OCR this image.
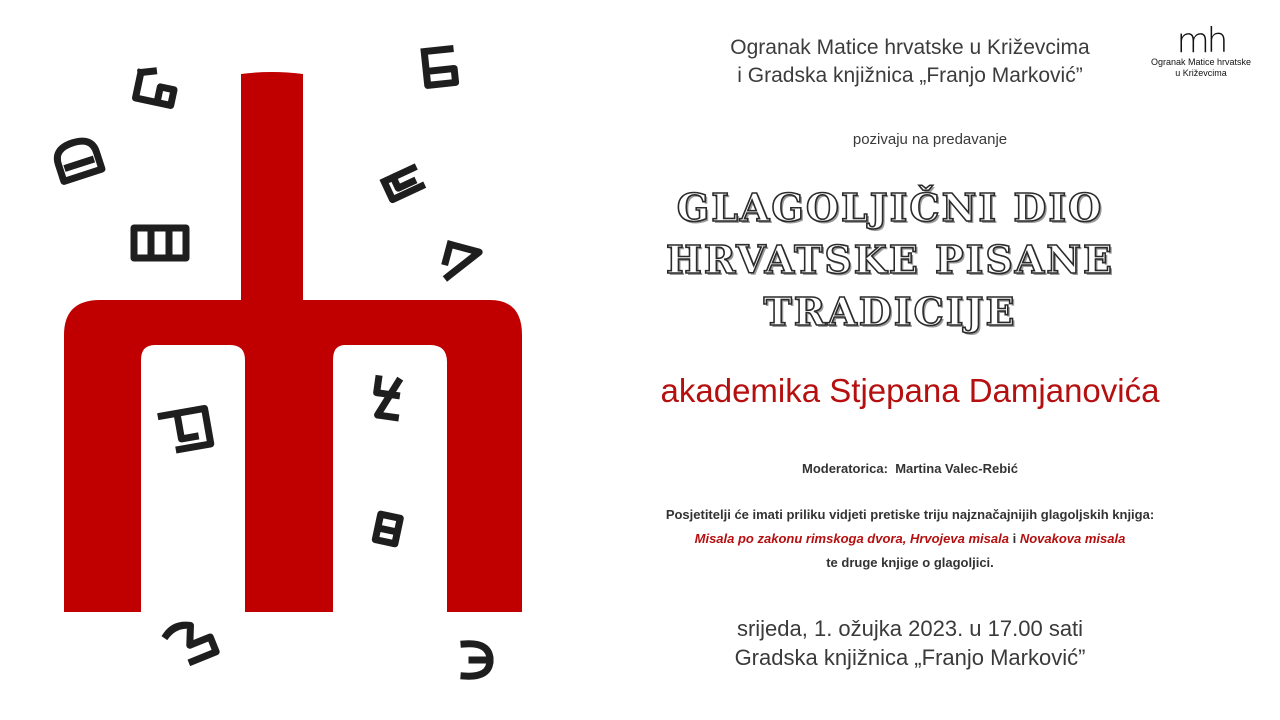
Ogranak Matice hrvatske u Križevcima
i Gradska knjižnica „Franjo Marković”
mh
Ogranak Matice hrvatske
u Križevcima
pozivaju na predavanje
GLAGOLJIČNI DIO
HRVATSKE PISANE
TRADICIJE
akademika Stjepana Damjanovića
Moderatorica: Martina Valec-Rebić
Posjetitelji će imati priliku vidjeti pretiske triju najznačajnijih glagoljskih knjiga:
Misala po zakonu rimskoga dvora, Hrvojeva misala i Novakova misala
te druge knjige o glagoljici.
srijeda, 1. ožujka 2023. u 17.00 sati
Gradska knjižnica „Franjo Marković”
